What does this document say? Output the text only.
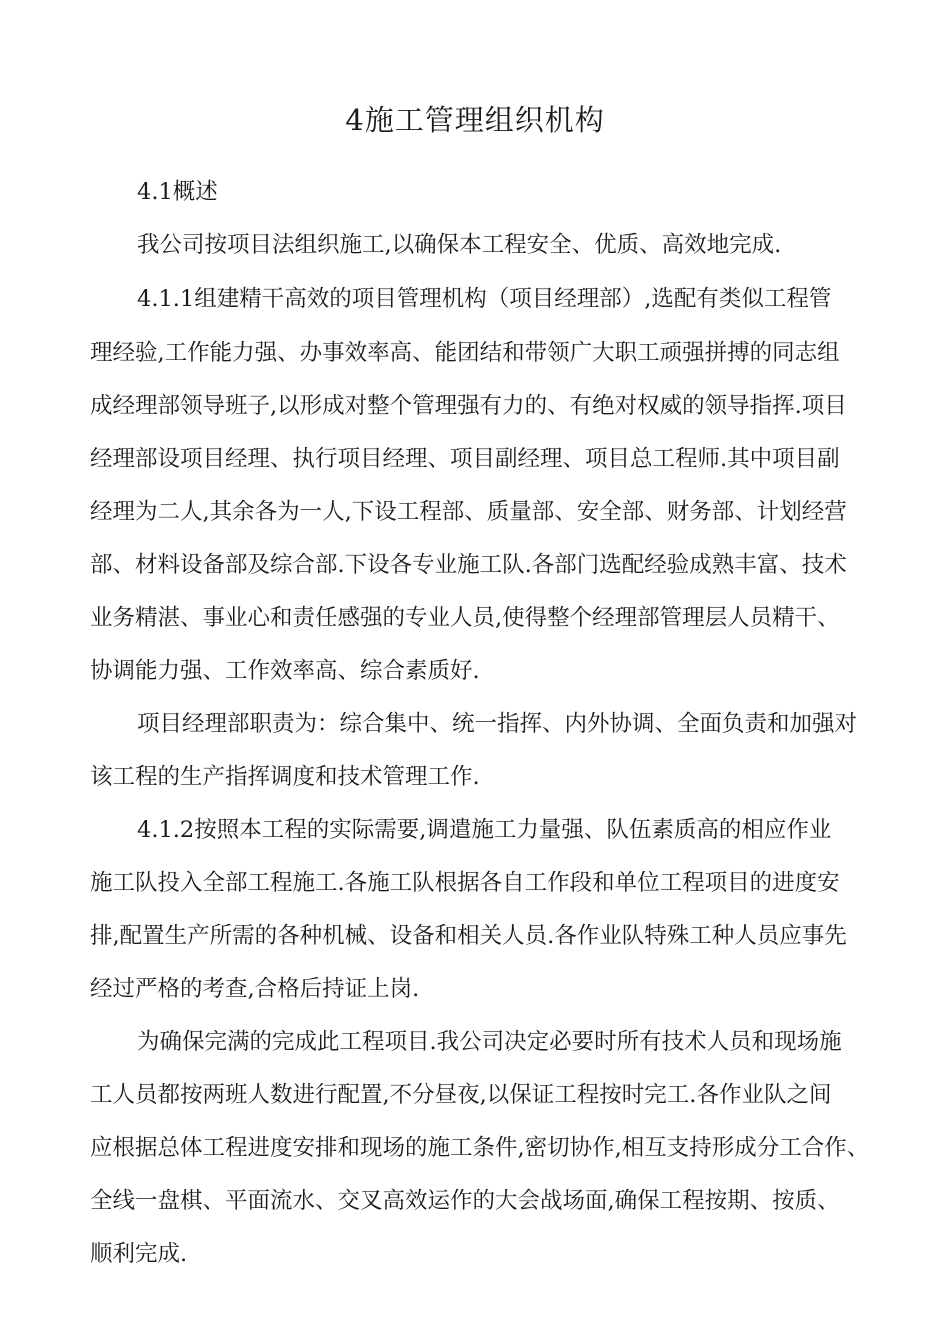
4施工管理组织机构
4.1概述
我公司按项目法组织施工,以确保本工程安全、优质、高效地完成.
4.1.1组建精干高效的项目管理机构（项目经理部）,选配有类似工程管
理经验,工作能力强、办事效率高、能团结和带领广大职工顽强拼搏的同志组
成经理部领导班子,以形成对整个管理强有力的、有绝对权威的领导指挥.项目
经理部设项目经理、执行项目经理、项目副经理、项目总工程师.其中项目副
经理为二人,其余各为一人,下设工程部、质量部、安全部、财务部、计划经营
部、材料设备部及综合部.下设各专业施工队.各部门选配经验成熟丰富、技术
业务精湛、事业心和责任感强的专业人员,使得整个经理部管理层人员精干、
协调能力强、工作效率高、综合素质好.
项目经理部职责为：综合集中、统一指挥、内外协调、全面负责和加强对
该工程的生产指挥调度和技术管理工作.
4.1.2按照本工程的实际需要,调遣施工力量强、队伍素质高的相应作业
施工队投入全部工程施工.各施工队根据各自工作段和单位工程项目的进度安
排,配置生产所需的各种机械、设备和相关人员.各作业队特殊工种人员应事先
经过严格的考查,合格后持证上岗.
为确保完满的完成此工程项目.我公司决定必要时所有技术人员和现场施
工人员都按两班人数进行配置,不分昼夜,以保证工程按时完工.各作业队之间
应根据总体工程进度安排和现场的施工条件,密切协作,相互支持形成分工合作、
全线一盘棋、平面流水、交叉高效运作的大会战场面,确保工程按期、按质、
顺利完成.
